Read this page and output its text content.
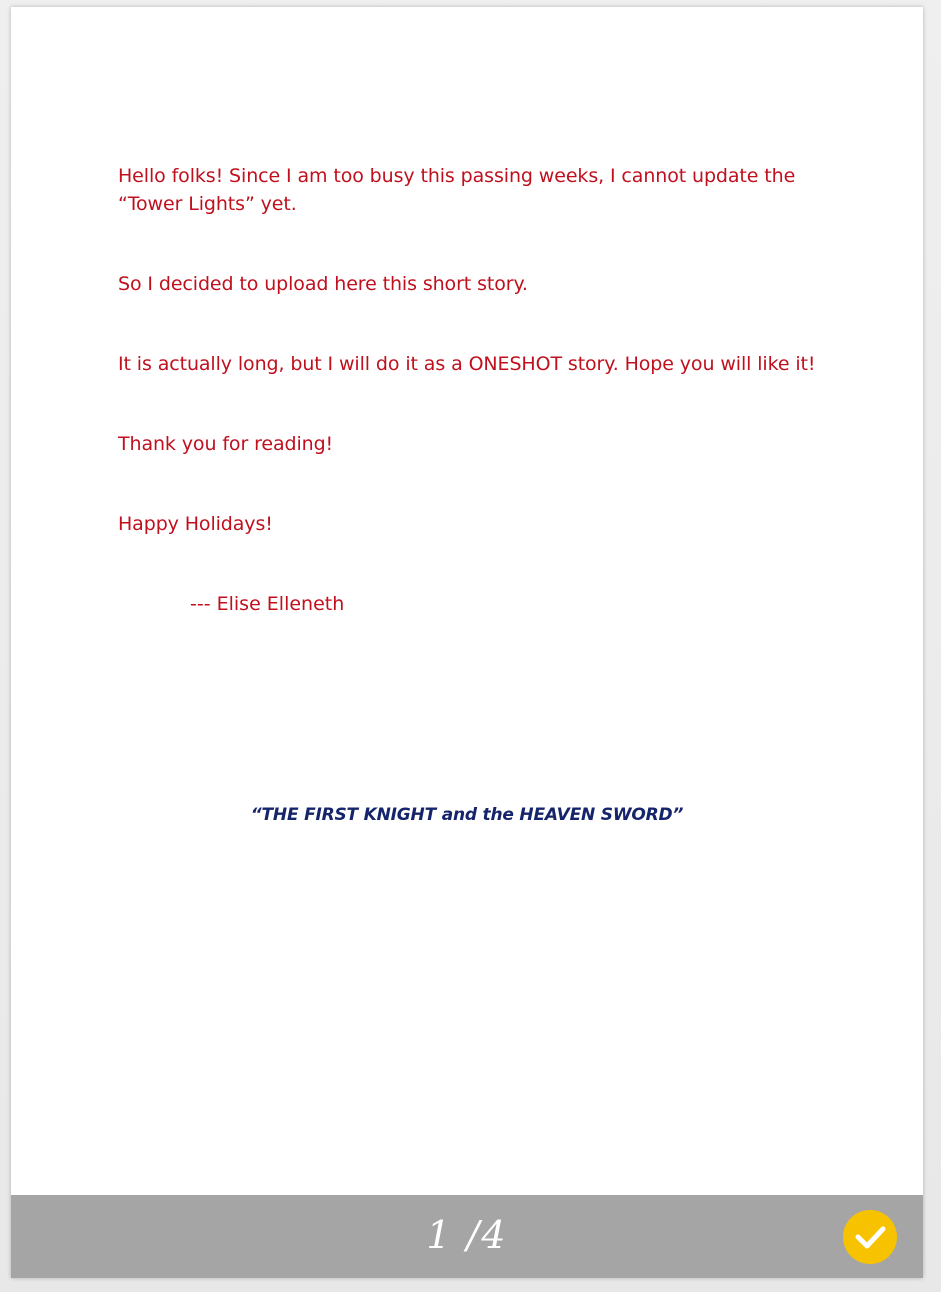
Hello folks! Since I am too busy this passing weeks, I cannot update the “Tower Lights” yet.

So I decided to upload here this short story.

It is actually long, but I will do it as a ONESHOT story. Hope you will like it!

Thank you for reading!

Happy Holidays!

--- Elise Elleneth

“THE FIRST KNIGHT and the HEAVEN SWORD”
1 /4
